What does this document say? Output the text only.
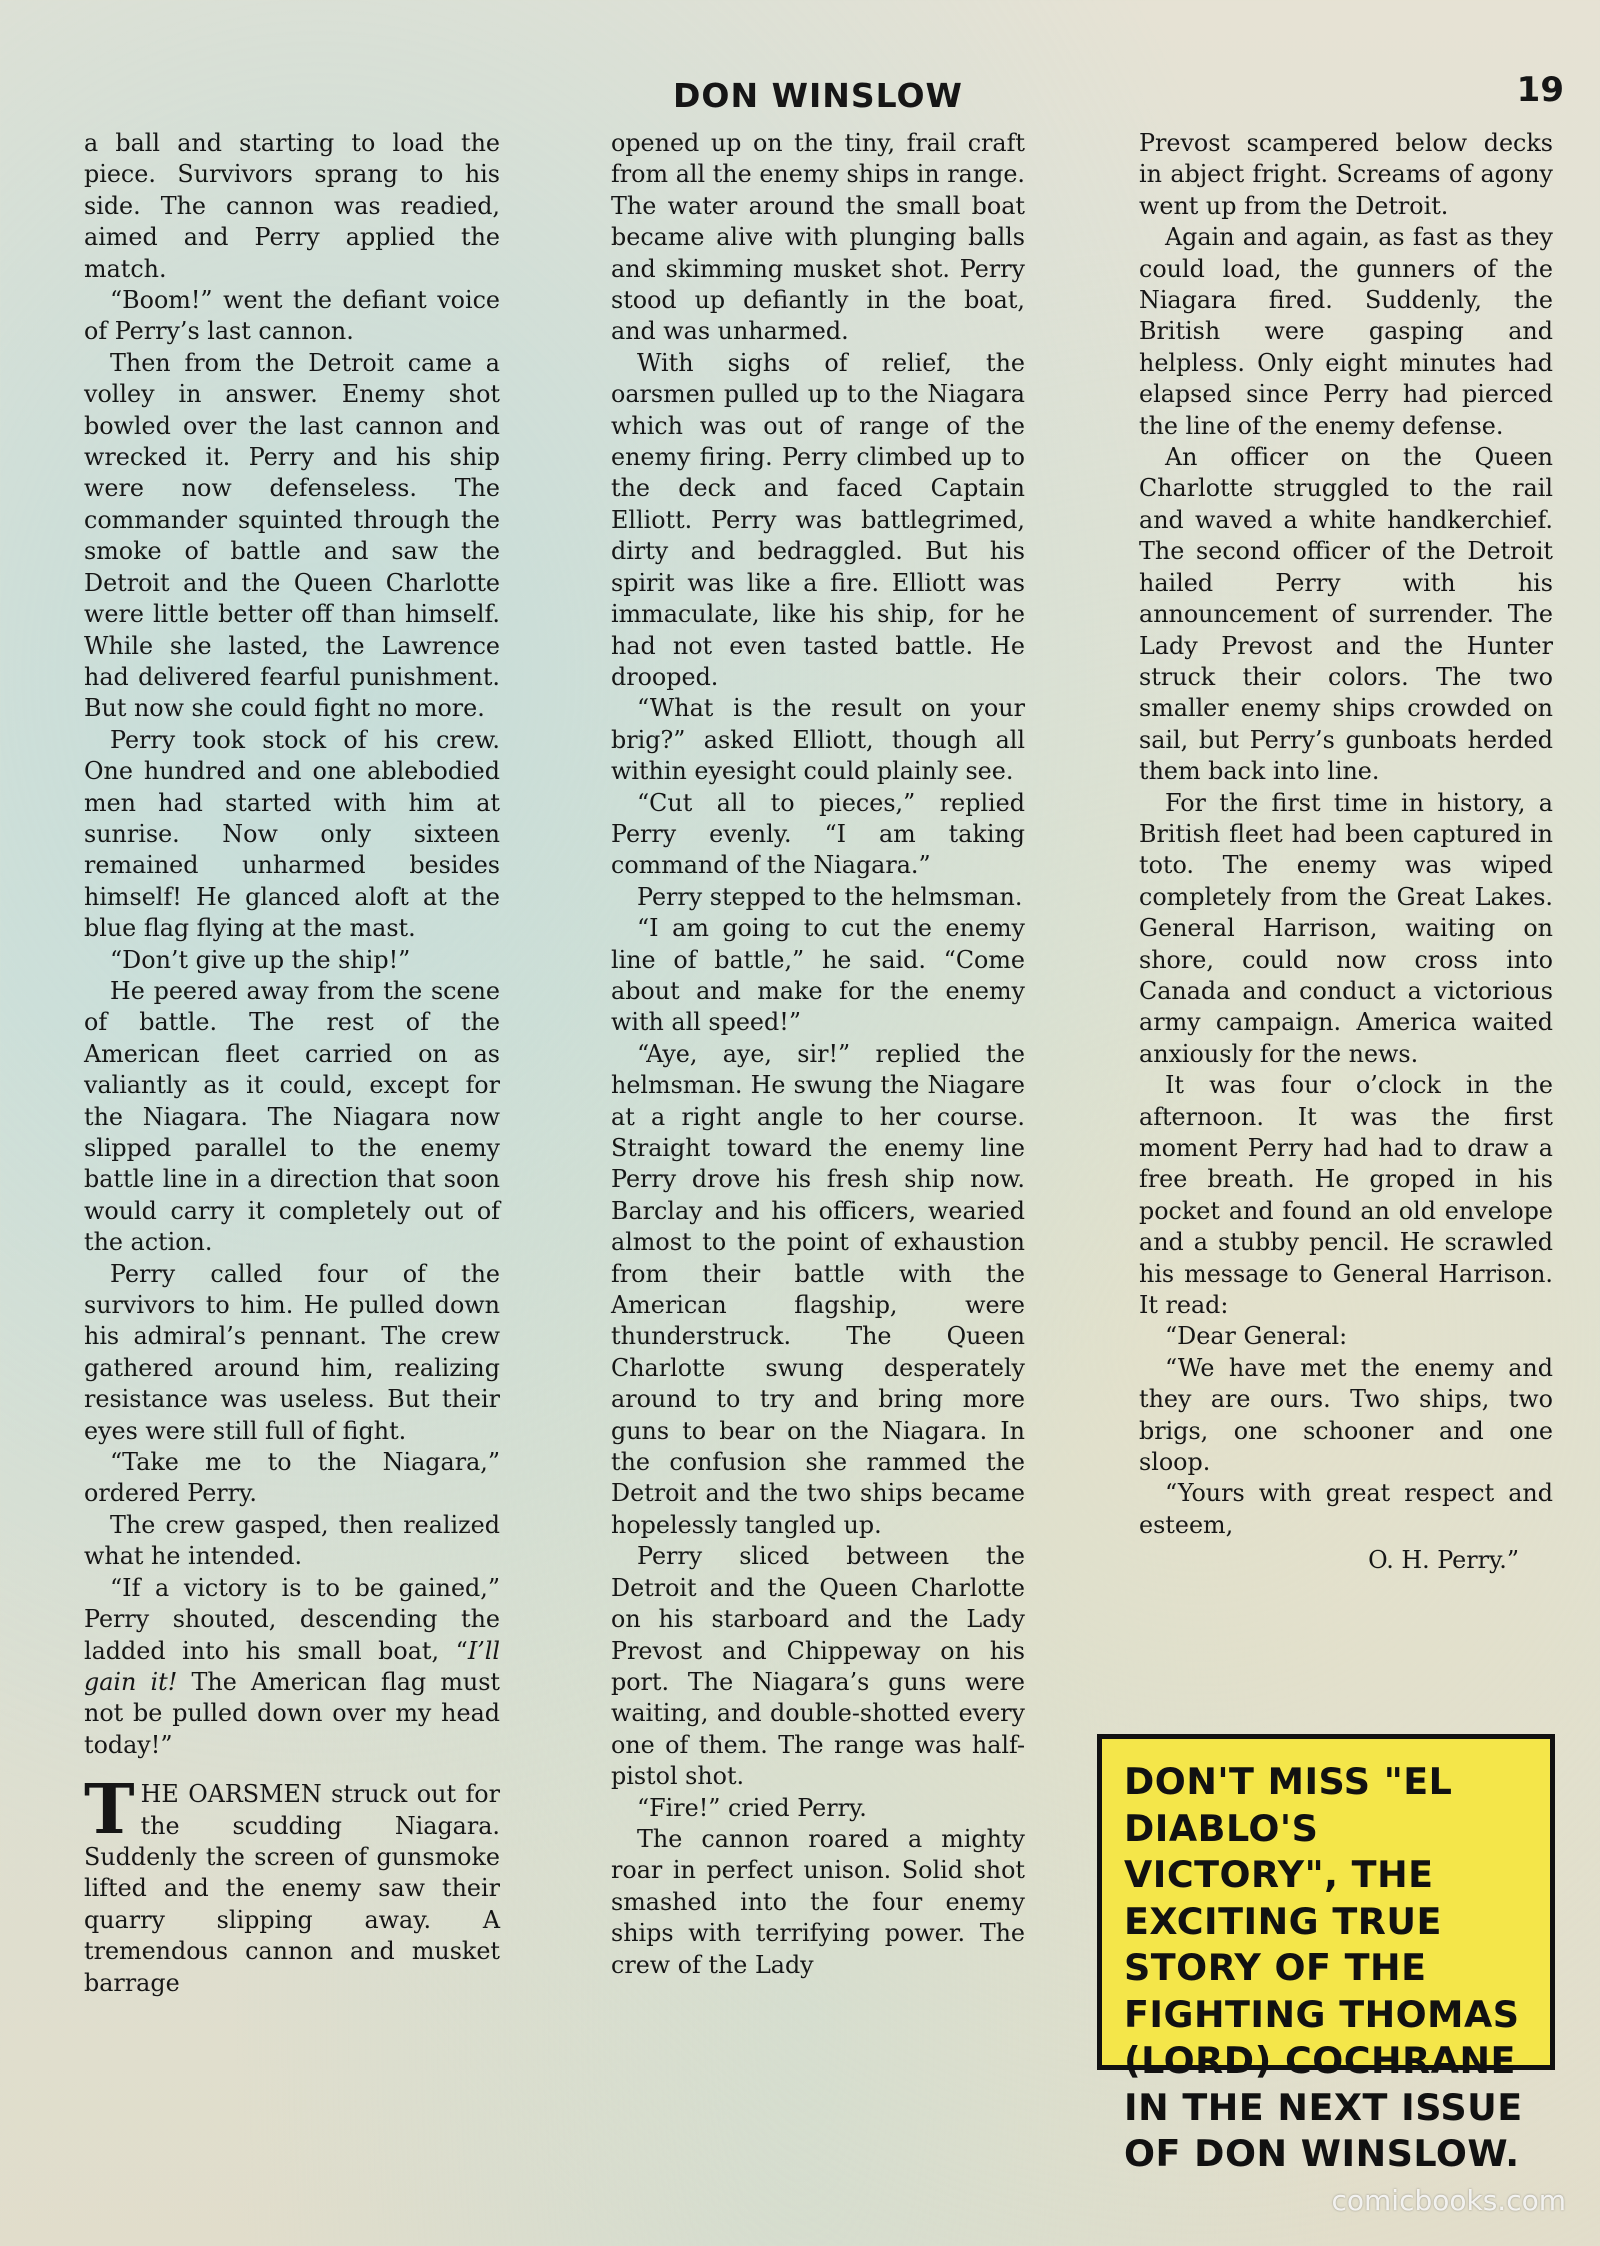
DON WINSLOW	19

a ball and starting to load the piece. Survivors sprang to his side. The cannon was readied, aimed and Perry applied the match.

“Boom!” went the defiant voice of Perry’s last cannon.

Then from the Detroit came a volley in answer. Enemy shot bowled over the last cannon and wrecked it. Perry and his ship were now defenseless. The commander squinted through the smoke of battle and saw the Detroit and the Queen Charlotte were little better off than himself. While she lasted, the Lawrence had delivered fearful punishment. But now she could fight no more.

Perry took stock of his crew. One hundred and one ablebodied men had started with him at sunrise. Now only sixteen remained unharmed besides himself! He glanced aloft at the blue flag flying at the mast.

“Don’t give up the ship!”

He peered away from the scene of battle. The rest of the American fleet carried on as valiantly as it could, except for the Niagara. The Niagara now slipped parallel to the enemy battle line in a direction that soon would carry it completely out of the action.

Perry called four of the survivors to him. He pulled down his admiral’s pennant. The crew gathered around him, realizing resistance was useless. But their eyes were still full of fight.

“Take me to the Niagara,” ordered Perry.

The crew gasped, then realized what he intended.

“If a victory is to be gained,” Perry shouted, descending the ladded into his small boat, “I’ll gain it! The American flag must not be pulled down over my head today!”

THE OARSMEN struck out for the scudding Niagara. Suddenly the screen of gunsmoke lifted and the enemy saw their quarry slipping away. A tremendous cannon and musket barrage

opened up on the tiny, frail craft from all the enemy ships in range. The water around the small boat became alive with plunging balls and skimming musket shot. Perry stood up defiantly in the boat, and was unharmed.

With sighs of relief, the oarsmen pulled up to the Niagara which was out of range of the enemy firing. Perry climbed up to the deck and faced Captain Elliott. Perry was battlegrimed, dirty and bedraggled. But his spirit was like a fire. Elliott was immaculate, like his ship, for he had not even tasted battle. He drooped.

“What is the result on your brig?” asked Elliott, though all within eyesight could plainly see.

“Cut all to pieces,” replied Perry evenly. “I am taking command of the Niagara.”

Perry stepped to the helmsman.

“I am going to cut the enemy line of battle,” he said. “Come about and make for the enemy with all speed!”

“Aye, aye, sir!” replied the helmsman. He swung the Niagare at a right angle to her course. Straight toward the enemy line Perry drove his fresh ship now. Barclay and his officers, wearied almost to the point of exhaustion from their battle with the American flagship, were thunderstruck. The Queen Charlotte swung desperately around to try and bring more guns to bear on the Niagara. In the confusion she rammed the Detroit and the two ships became hopelessly tangled up.

Perry sliced between the Detroit and the Queen Charlotte on his starboard and the Lady Prevost and Chippeway on his port. The Niagara’s guns were waiting, and double-shotted every one of them. The range was half-pistol shot.

“Fire!” cried Perry.

The cannon roared a mighty roar in perfect unison. Solid shot smashed into the four enemy ships with terrifying power. The crew of the Lady

Prevost scampered below decks in abject fright. Screams of agony went up from the Detroit.

Again and again, as fast as they could load, the gunners of the Niagara fired. Suddenly, the British were gasping and helpless. Only eight minutes had elapsed since Perry had pierced the line of the enemy defense.

An officer on the Queen Charlotte struggled to the rail and waved a white handkerchief. The second officer of the Detroit hailed Perry with his announcement of surrender. The Lady Prevost and the Hunter struck their colors. The two smaller enemy ships crowded on sail, but Perry’s gunboats herded them back into line.

For the first time in history, a British fleet had been captured in toto. The enemy was wiped completely from the Great Lakes. General Harrison, waiting on shore, could now cross into Canada and conduct a victorious army campaign. America waited anxiously for the news.

It was four o’clock in the afternoon. It was the first moment Perry had had to draw a free breath. He groped in his pocket and found an old envelope and a stubby pencil. He scrawled his message to General Harrison. It read:

“Dear General:

“We have met the enemy and they are ours. Two ships, two brigs, one schooner and one sloop.

“Yours with great respect and esteem,

O. H. Perry.”

DON'T MISS "EL DIABLO'S VICTORY", THE EXCITING TRUE STORY OF THE FIGHTING THOMAS (LORD) COCHRANE IN THE NEXT ISSUE OF DON WINSLOW.
comicbooks.com
